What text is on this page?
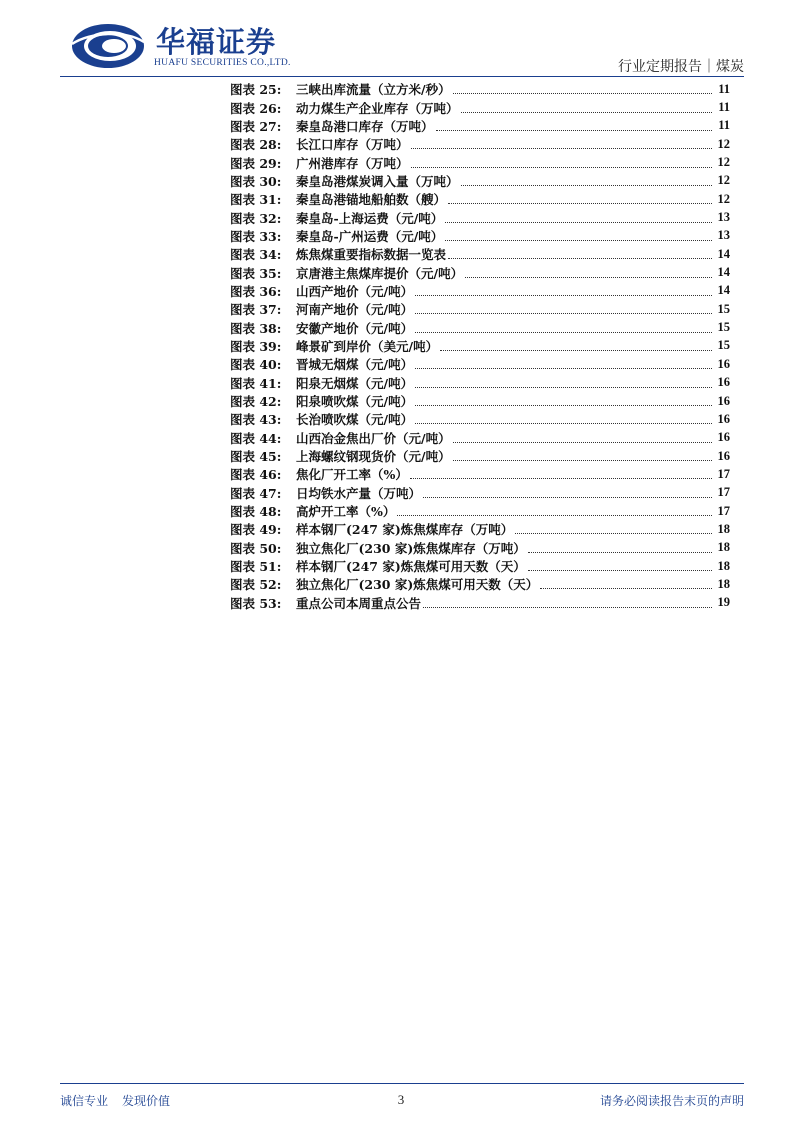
华福证券
HUAFU SECURITIES CO.,LTD.	行业定期报告｜煤炭
图表 25:	三峡出库流量（立方米/秒）	11
图表 26:	动力煤生产企业库存（万吨）	11
图表 27:	秦皇岛港口库存（万吨）	11
图表 28:	长江口库存（万吨）	12
图表 29:	广州港库存（万吨）	12
图表 30:	秦皇岛港煤炭调入量（万吨）	12
图表 31:	秦皇岛港锚地船舶数（艘）	12
图表 32:	秦皇岛-上海运费（元/吨）	13
图表 33:	秦皇岛-广州运费（元/吨）	13
图表 34:	炼焦煤重要指标数据一览表	14
图表 35:	京唐港主焦煤库提价（元/吨）	14
图表 36:	山西产地价（元/吨）	14
图表 37:	河南产地价（元/吨）	15
图表 38:	安徽产地价（元/吨）	15
图表 39:	峰景矿到岸价（美元/吨）	15
图表 40:	晋城无烟煤（元/吨）	16
图表 41:	阳泉无烟煤（元/吨）	16
图表 42:	阳泉喷吹煤（元/吨）	16
图表 43:	长治喷吹煤（元/吨）	16
图表 44:	山西冶金焦出厂价（元/吨）	16
图表 45:	上海螺纹钢现货价（元/吨）	16
图表 46:	焦化厂开工率（%）	17
图表 47:	日均铁水产量（万吨）	17
图表 48:	高炉开工率（%）	17
图表 49:	样本钢厂(247 家)炼焦煤库存（万吨）	18
图表 50:	独立焦化厂(230 家)炼焦煤库存（万吨）	18
图表 51:	样本钢厂(247 家)炼焦煤可用天数（天）	18
图表 52:	独立焦化厂(230 家)炼焦煤可用天数（天）	18
图表 53:	重点公司本周重点公告	19
诚信专业 发现价值	3	请务必阅读报告末页的声明
